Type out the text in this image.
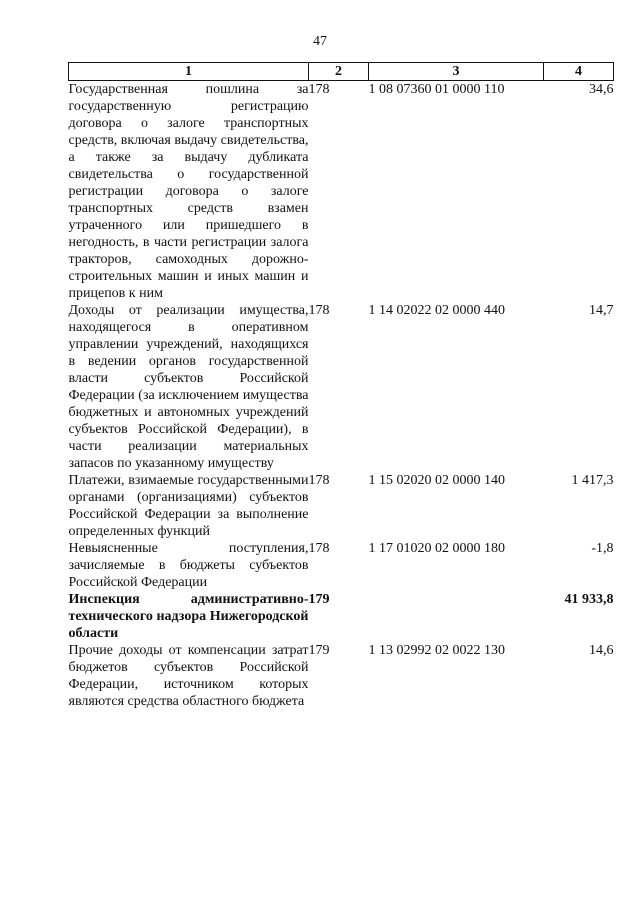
47
1	2	3	4
Государственная пошлина за государственную регистрацию договора о залоге транспортных средств, включая выдачу свидетельства, а также за выдачу дубликата свидетельства о государственной регистрации договора о залоге транспортных средств взамен утраченного или пришедшего в негодность, в части регистрации залога тракторов, самоходных дорожно-строительных машин и иных машин и прицепов к ним	178	1 08 07360 01 0000 110	34,6
Доходы от реализации имущества, находящегося в оперативном управлении учреждений, находящихся в ведении органов государственной власти субъектов Российской Федерации (за исключением имущества бюджетных и автономных учреждений субъектов Российской Федерации), в части реализации материальных запасов по указанному имуществу	178	1 14 02022 02 0000 440	14,7
Платежи, взимаемые государственными органами (организациями) субъектов Российской Федерации за выполнение определенных функций	178	1 15 02020 02 0000 140	1 417,3
Невыясненные поступления, зачисляемые в бюджеты субъектов Российской Федерации	178	1 17 01020 02 0000 180	-1,8
Инспекция административно-технического надзора Нижегородской области	179		41 933,8
Прочие доходы от компенсации затрат бюджетов субъектов Российской Федерации, источником которых являются средства областного бюджета	179	1 13 02992 02 0022 130	14,6
